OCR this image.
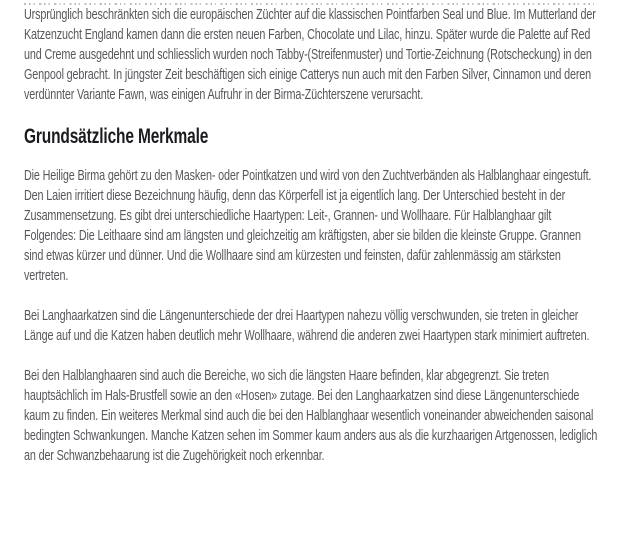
Ursprünglich beschränkten sich die europäischen Züchter auf die klassischen Pointfarben Seal und Blue. Im Mutterland der Katzenzucht England kamen dann die ersten neuen Farben, Chocolate und Lilac, hinzu. Später wurde die Palette auf Red und Creme ausgedehnt und schliesslich wurden noch Tabby-(Streifenmuster) und Tortie-Zeichnung (Rotscheckung) in den Genpool gebracht. In jüngster Zeit beschäftigen sich einige Catterys nun auch mit den Farben Silver, Cinnamon und deren verdünnter Variante Fawn, was einigen Aufruhr in der Birma-Züchterszene verursacht.

Grundsätzliche Merkmale

Die Heilige Birma gehört zu den Masken- oder Pointkatzen und wird von den Zuchtverbänden als Halblanghaar eingestuft. Den Laien irritiert diese Bezeichnung häufig, denn das Körperfell ist ja eigentlich lang. Der Unterschied besteht in der Zusammensetzung. Es gibt drei unterschiedliche Haartypen: Leit-, Grannen- und Wollhaare. Für Halblanghaar gilt Folgendes: Die Leithaare sind am längsten und gleichzeitig am kräftigsten, aber sie bilden die kleinste Gruppe. Grannen sind etwas kürzer und dünner. Und die Wollhaare sind am kürzesten und feinsten, dafür zahlenmässig am stärksten vertreten.

Bei Langhaarkatzen sind die Längenunterschiede der drei Haartypen nahezu völlig verschwunden, sie treten in gleicher Länge auf und die Katzen haben deutlich mehr Wollhaare, während die anderen zwei Haartypen stark minimiert auftreten.

Bei den Halblanghaaren sind auch die Bereiche, wo sich die längsten Haare befinden, klar abgegrenzt. Sie treten hauptsächlich im Hals-Brustfell sowie an den «Hosen» zutage. Bei den Langhaarkatzen sind diese Längenunterschiede kaum zu finden. Ein weiteres Merkmal sind auch die bei den Halblanghaar wesentlich voneinander abweichenden saisonal bedingten Schwankungen. Manche Katzen sehen im Sommer kaum anders aus als die kurzhaarigen Artgenossen, lediglich an der Schwanzbehaarung ist die Zugehörigkeit noch erkennbar.
